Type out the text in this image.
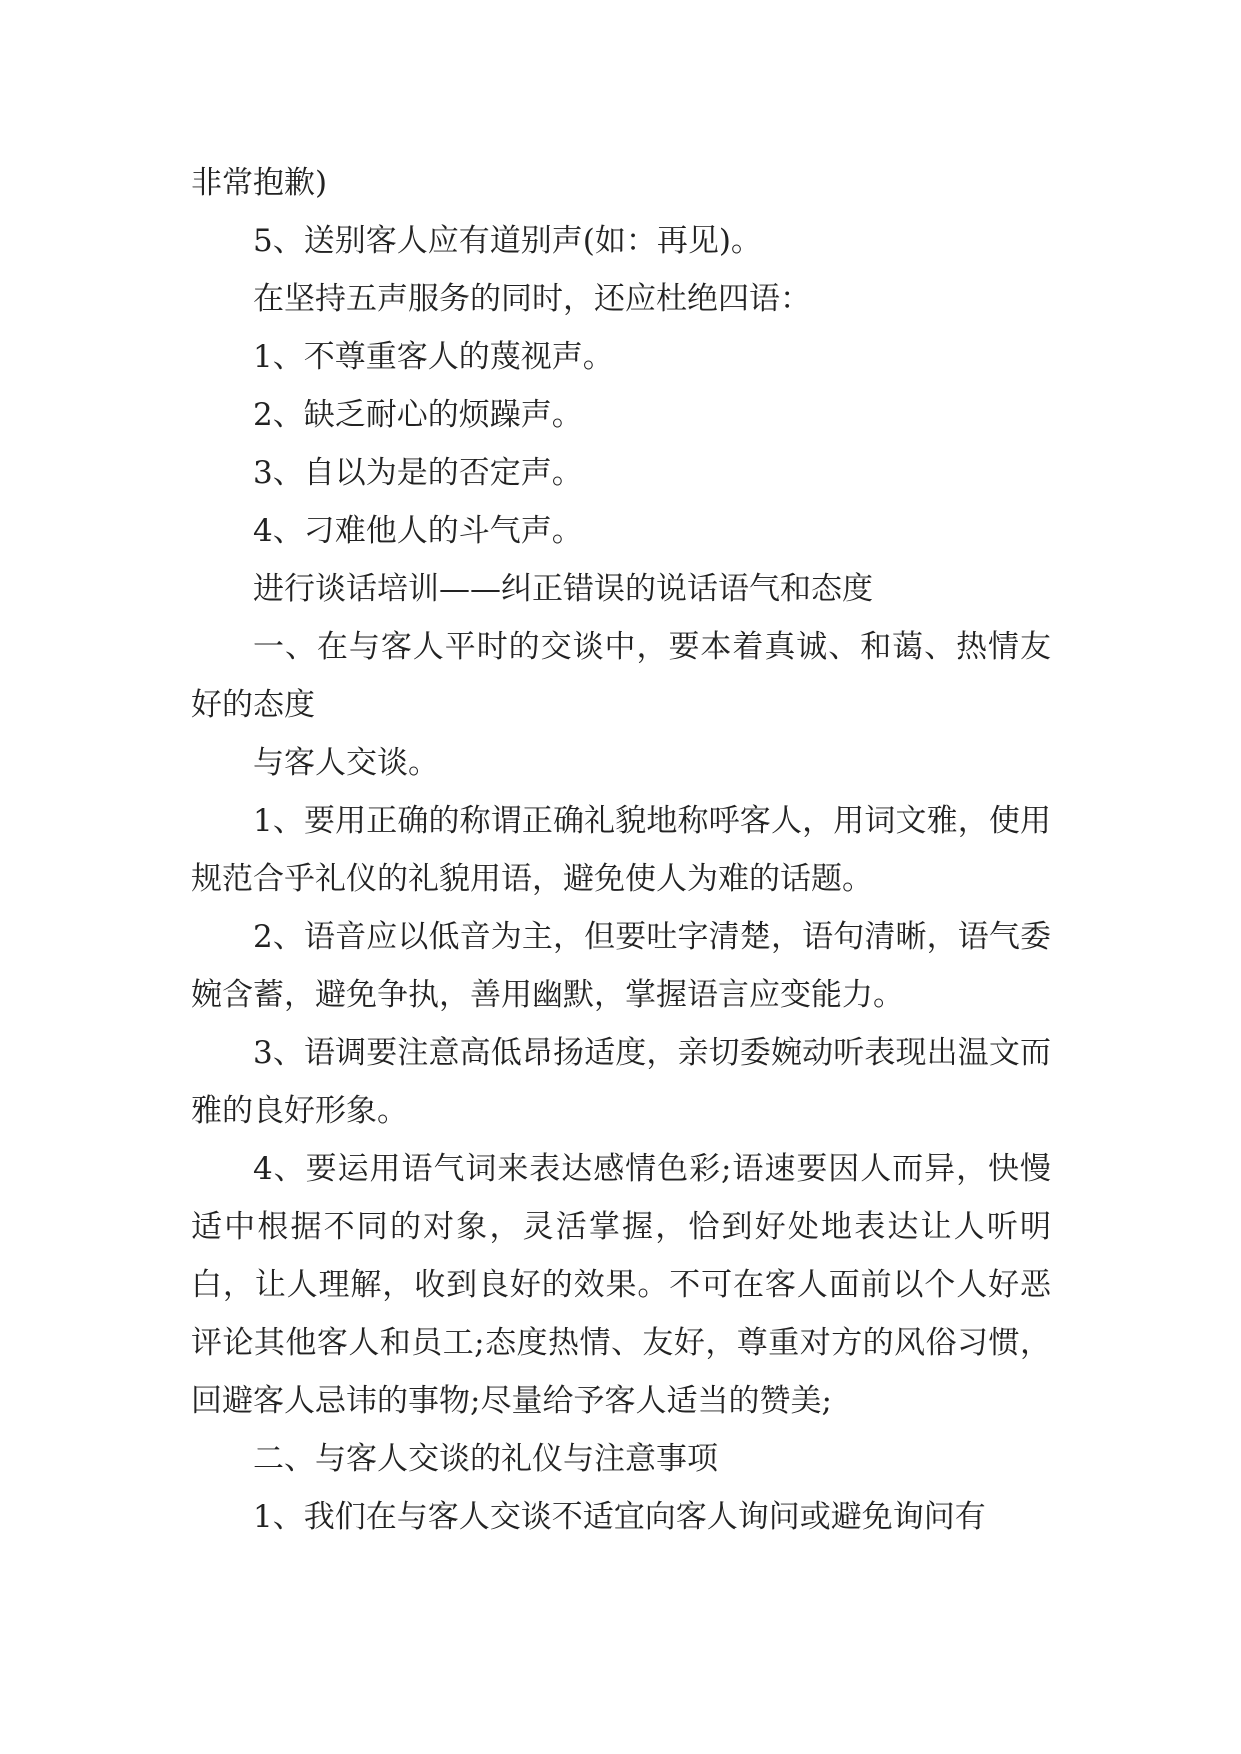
非常抱歉)

5、送别客人应有道别声(如：再见)。

在坚持五声服务的同时，还应杜绝四语：

1、不尊重客人的蔑视声。

2、缺乏耐心的烦躁声。

3、自以为是的否定声。

4、刁难他人的斗气声。

进行谈话培训——纠正错误的说话语气和态度

一、在与客人平时的交谈中，要本着真诚、和蔼、热情友好的态度

与客人交谈。

1、要用正确的称谓正确礼貌地称呼客人，用词文雅，使用规范合乎礼仪的礼貌用语，避免使人为难的话题。

2、语音应以低音为主，但要吐字清楚，语句清晰，语气委婉含蓄，避免争执，善用幽默，掌握语言应变能力。

3、语调要注意高低昂扬适度，亲切委婉动听表现出温文而雅的良好形象。

4、要运用语气词来表达感情色彩;语速要因人而异，快慢适中根据不同的对象，灵活掌握，恰到好处地表达让人听明白，让人理解，收到良好的效果。不可在客人面前以个人好恶评论其他客人和员工;态度热情、友好，尊重对方的风俗习惯，回避客人忌讳的事物;尽量给予客人适当的赞美;

二、与客人交谈的礼仪与注意事项

1、我们在与客人交谈不适宜向客人询问或避免询问有
